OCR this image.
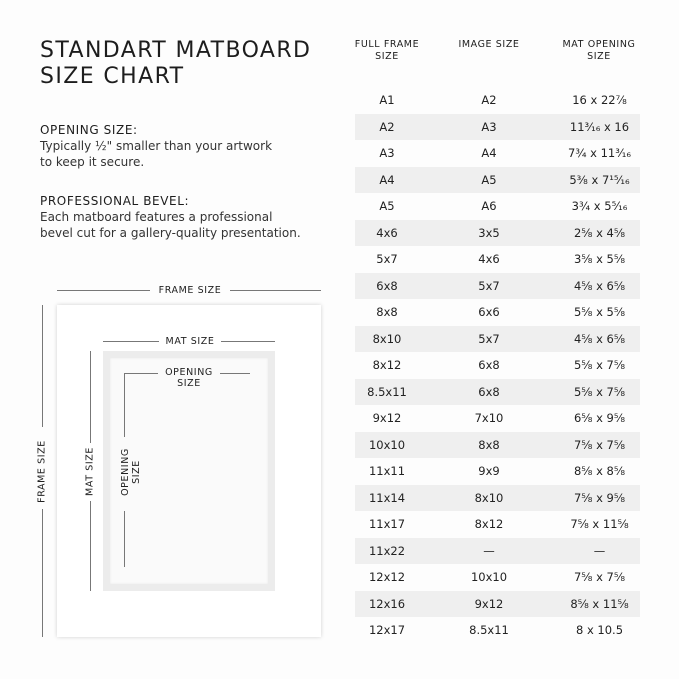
STANDART MATBOARD
SIZE CHART
OPENING SIZE:
Typically ½" smaller than your artwork
to keep it secure.
PROFESSIONAL BEVEL:
Each matboard features a professional
bevel cut for a gallery-quality presentation.
FRAME SIZE
FRAME SIZE
MAT SIZE
MAT SIZE
OPENING
SIZE
OPENING SIZE
FULL FRAME
SIZE
IMAGE SIZE	MAT OPENING
SIZE
A1	A2	16 x 22⅞
A2	A3	11³⁄₁₆ x 16
A3	A4	7¾ x 11³⁄₁₆
A4	A5	5⅜ x 7¹⁵⁄₁₆
A5	A6	3¾ x 5⁵⁄₁₆
4x6	3x5	2⅝ x 4⅝
5x7	4x6	3⅝ x 5⅝
6x8	5x7	4⅝ x 6⅝
8x8	6x6	5⅝ x 5⅝
8x10	5x7	4⅝ x 6⅝
8x12	6x8	5⅝ x 7⅝
8.5x11	6x8	5⅝ x 7⅝
9x12	7x10	6⅝ x 9⅝
10x10	8x8	7⅝ x 7⅝
11x11	9x9	8⅝ x 8⅝
11x14	8x10	7⅝ x 9⅝
11x17	8x12	7⅝ x 11⅝
11x22	—	—
12x12	10x10	7⅝ x 7⅝
12x16	9x12	8⅝ x 11⅝
12x17	8.5x11	8 x 10.5
